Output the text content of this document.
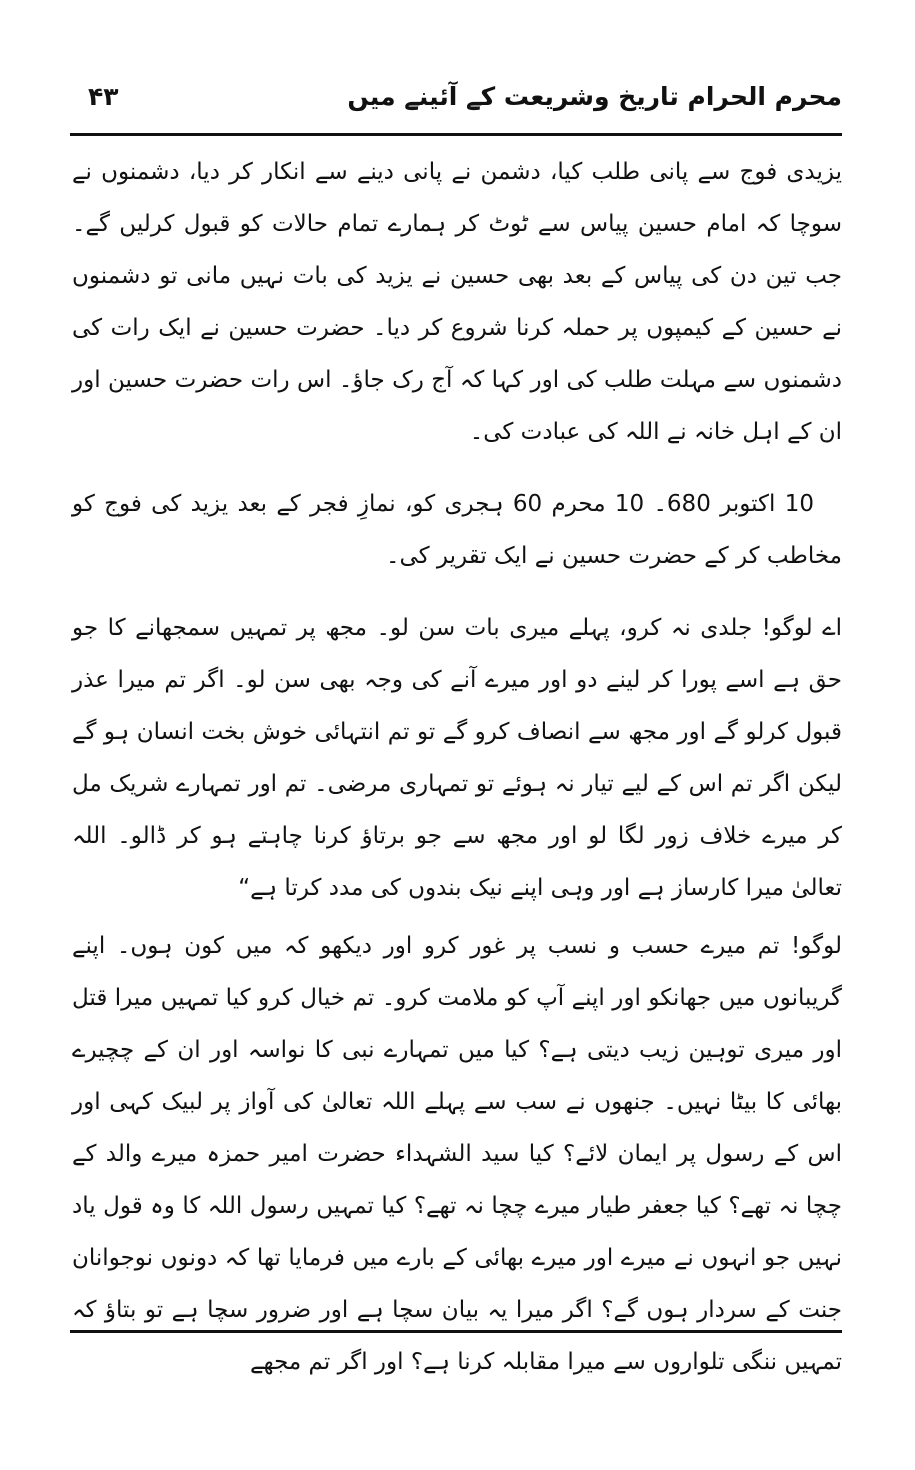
محرم الحرام تاریخ وشریعت کے آئینے میں
۴۳

یزیدی فوج سے پانی طلب کیا، دشمن نے پانی دینے سے انکار کر دیا، دشمنوں نے سوچا کہ امام حسین پیاس سے ٹوٹ کر ہمارے تمام حالات کو قبول کرلیں گے۔ جب تین دن کی پیاس کے بعد بھی حسین نے یزید کی بات نہیں مانی تو دشمنوں نے حسین کے کیمپوں پر حملہ کرنا شروع کر دیا۔ حضرت حسین نے ایک رات کی دشمنوں سے مہلت طلب کی اور کہا کہ آج رک جاؤ۔ اس رات حضرت حسین اور ان کے اہل خانہ نے اللہ کی عبادت کی۔

10 اکتوبر 680۔ 10 محرم 60 ہجری کو، نمازِ فجر کے بعد یزید کی فوج کو مخاطب کر کے حضرت حسین نے ایک تقریر کی۔

اے لوگو! جلدی نہ کرو، پہلے میری بات سن لو۔ مجھ پر تمہیں سمجھانے کا جو حق ہے اسے پورا کر لینے دو اور میرے آنے کی وجہ بھی سن لو۔ اگر تم میرا عذر قبول کرلو گے اور مجھ سے انصاف کرو گے تو تم انتہائی خوش بخت انسان ہو گے لیکن اگر تم اس کے لیے تیار نہ ہوئے تو تمہاری مرضی۔ تم اور تمہارے شریک مل کر میرے خلاف زور لگا لو اور مجھ سے جو برتاؤ کرنا چاہتے ہو کر ڈالو۔ اللہ تعالیٰ میرا کارساز ہے اور وہی اپنے نیک بندوں کی مدد کرتا ہے“

لوگو! تم میرے حسب و نسب پر غور کرو اور دیکھو کہ میں کون ہوں۔ اپنے گریبانوں میں جھانکو اور اپنے آپ کو ملامت کرو۔ تم خیال کرو کیا تمہیں میرا قتل اور میری توہین زیب دیتی ہے؟ کیا میں تمہارے نبی کا نواسہ اور ان کے چچیرے بھائی کا بیٹا نہیں۔ جنھوں نے سب سے پہلے اللہ تعالیٰ کی آواز پر لبیک کہی اور اس کے رسول پر ایمان لائے؟ کیا سید الشہداء حضرت امیر حمزہ میرے والد کے چچا نہ تھے؟ کیا جعفر طیار میرے چچا نہ تھے؟ کیا تمہیں رسول اللہ کا وہ قول یاد نہیں جو انہوں نے میرے اور میرے بھائی کے بارے میں فرمایا تھا کہ دونوں نوجوانان جنت کے سردار ہوں گے؟ اگر میرا یہ بیان سچا ہے اور ضرور سچا ہے تو بتاؤ کہ تمہیں ننگی تلواروں سے میرا مقابلہ کرنا ہے؟ اور اگر تم مجھے
